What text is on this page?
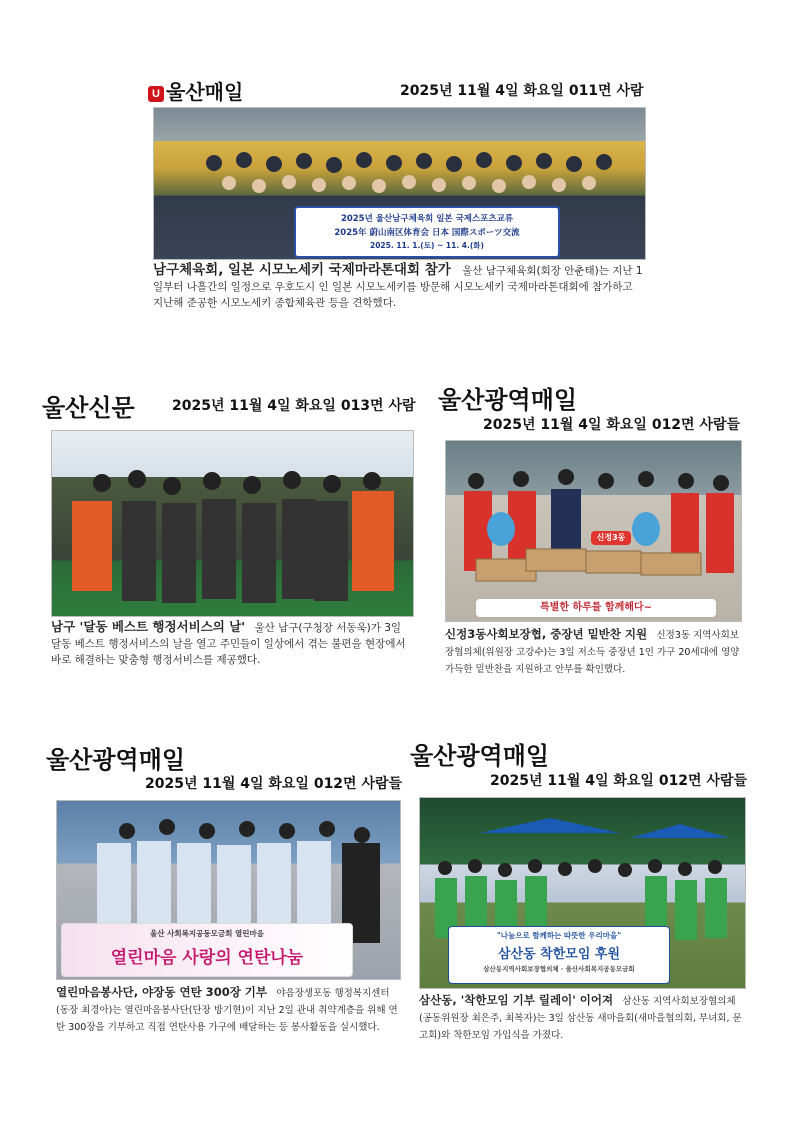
U 울산매일	2025년 11월 4일 화요일 011면 사람
2025년 울산남구체육회 일본 국제스포츠교류
2025年 蔚山南区体育会 日本 国際スポーツ交流
2025. 11. 1.(토) ~ 11. 4.(화)
남구체육회, 일본 시모노세키 국제마라톤대회 참가 울산 남구체육회(회장 안춘태)는 지난 1일부터 나흘간의 일정으로 우호도시 인 일본 시모노세키를 방문해 시모노세키 국제마라톤대회에 참가하고 지난해 준공한 시모노세키 종합체육관 등을 견학했다.
울산신문	2025년 11월 4일 화요일 013면 사람
남구 '달동 베스트 행정서비스의 날' 울산 남구(구청장 서동욱)가 3일 달동 베스트 행정서비스의 날을 열고 주민들이 일상에서 겪는 불편을 현장에서 바로 해결하는 맞춤형 행정서비스를 제공했다.
울산광역매일
2025년 11월 4일 화요일 012면 사람들
신정3동
특별한 하루를 함께해다~
신정3동사회보장협, 중장년 밑반찬 지원 신정3동 지역사회보장협의체(위원장 고강수)는 3일 저소득 중장년 1인 가구 20세대에 영양 가득한 밑반찬을 지원하고 안부를 확인했다.
울산광역매일
2025년 11월 4일 화요일 012면 사람들
울산 사회복지공동모금회 열린마음
열린마음 사랑의 연탄나눔
열린마음봉사단, 야장동 연탄 300장 기부 야음장생포동 행정복지센터(동장 최경아)는 열린마음봉사단(단장 방기현)이 지난 2일 관내 취약계층을 위해 연탄 300장을 기부하고 직접 연탄사용 가구에 배달하는 등 봉사활동을 실시했다.
울산광역매일
2025년 11월 4일 화요일 012면 사람들
"나눔으로 함께하는 따뜻한 우리마을"
삼산동 착한모임 후원
삼산동지역사회보장협의체 · 울산사회복지공동모금회
삼산동, '착한모임 기부 릴레이' 이어져 삼산동 지역사회보장협의체(공동위원장 최은주, 최복자)는 3일 삼산동 새마을회(새마을협의회, 부녀회, 문고회)와 착한모임 가입식을 가졌다.
